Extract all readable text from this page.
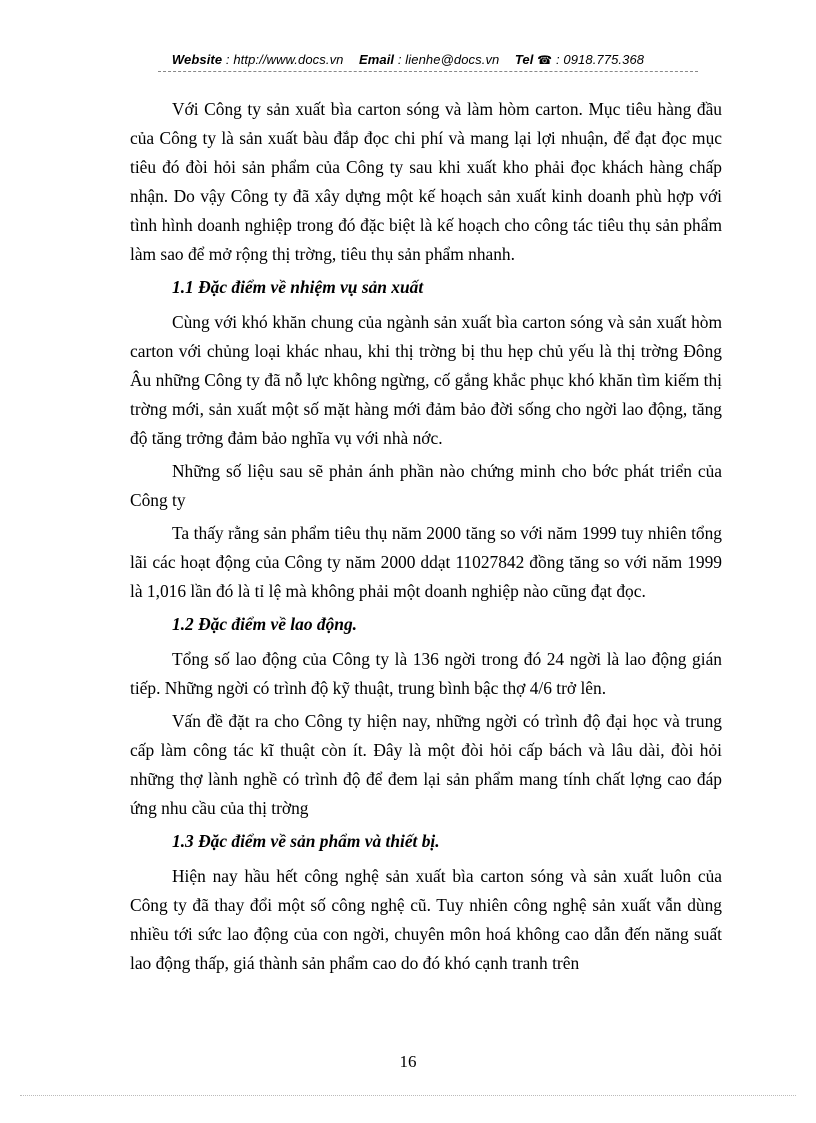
Website : http://www.docs.vn Email : lienhe@docs.vn Tel ☎ : 0918.775.368

Với Công ty sản xuất bìa carton sóng và làm hòm carton. Mục tiêu hàng đầu của Công ty là sản xuất bàu đắp đọc chi phí và mang lại lợi nhuận, để đạt đọc mục tiêu đó đòi hỏi sản phẩm của Công ty sau khi xuất kho phải đọc khách hàng chấp nhận. Do vậy Công ty đã xây dựng một kế hoạch sản xuất kinh doanh phù hợp với tình hình doanh nghiệp trong đó đặc biệt là kế hoạch cho công tác tiêu thụ sản phẩm làm sao để mở rộng thị trờng, tiêu thụ sản phẩm nhanh.

1.1 Đặc điểm về nhiệm vụ sản xuất

Cùng với khó khăn chung của ngành sản xuất bìa carton sóng và sản xuất hòm carton với chủng loại khác nhau, khi thị trờng bị thu hẹp chủ yếu là thị trờng Đông Âu những Công ty đã nỗ lực không ngừng, cố gắng khắc phục khó khăn tìm kiếm thị trờng mới, sản xuất một số mặt hàng mới đảm bảo đời sống cho ngời lao động, tăng độ tăng trởng đảm bảo nghĩa vụ với nhà nớc.

Những số liệu sau sẽ phản ánh phần nào chứng minh cho bớc phát triển của Công ty

Ta thấy rằng sản phẩm tiêu thụ năm 2000 tăng so với năm 1999 tuy nhiên tổng lãi các hoạt động của Công ty năm 2000 ddạt 11027842 đồng tăng so với năm 1999 là 1,016 lần đó là tỉ lệ mà không phải một doanh nghiệp nào cũng đạt đọc.

1.2 Đặc điểm về lao động.

Tổng số lao động của Công ty là 136 ngời trong đó 24 ngời là lao động gián tiếp. Những ngời có trình độ kỹ thuật, trung bình bậc thợ 4/6 trở lên.

Vấn đề đặt ra cho Công ty hiện nay, những ngời có trình độ đại học và trung cấp làm công tác kĩ thuật còn ít. Đây là một đòi hỏi cấp bách và lâu dài, đòi hỏi những thợ lành nghề có trình độ để đem lại sản phẩm mang tính chất lợng cao đáp ứng nhu cầu của thị trờng

1.3 Đặc điểm về sản phẩm và thiết bị.

Hiện nay hầu hết công nghệ sản xuất bìa carton sóng và sản xuất luôn của Công ty đã thay đổi một số công nghệ cũ. Tuy nhiên công nghệ sản xuất vẫn dùng nhiều tới sức lao động của con ngời, chuyên môn hoá không cao dẫn đến năng suất lao động thấp, giá thành sản phẩm cao do đó khó cạnh tranh trên

16
